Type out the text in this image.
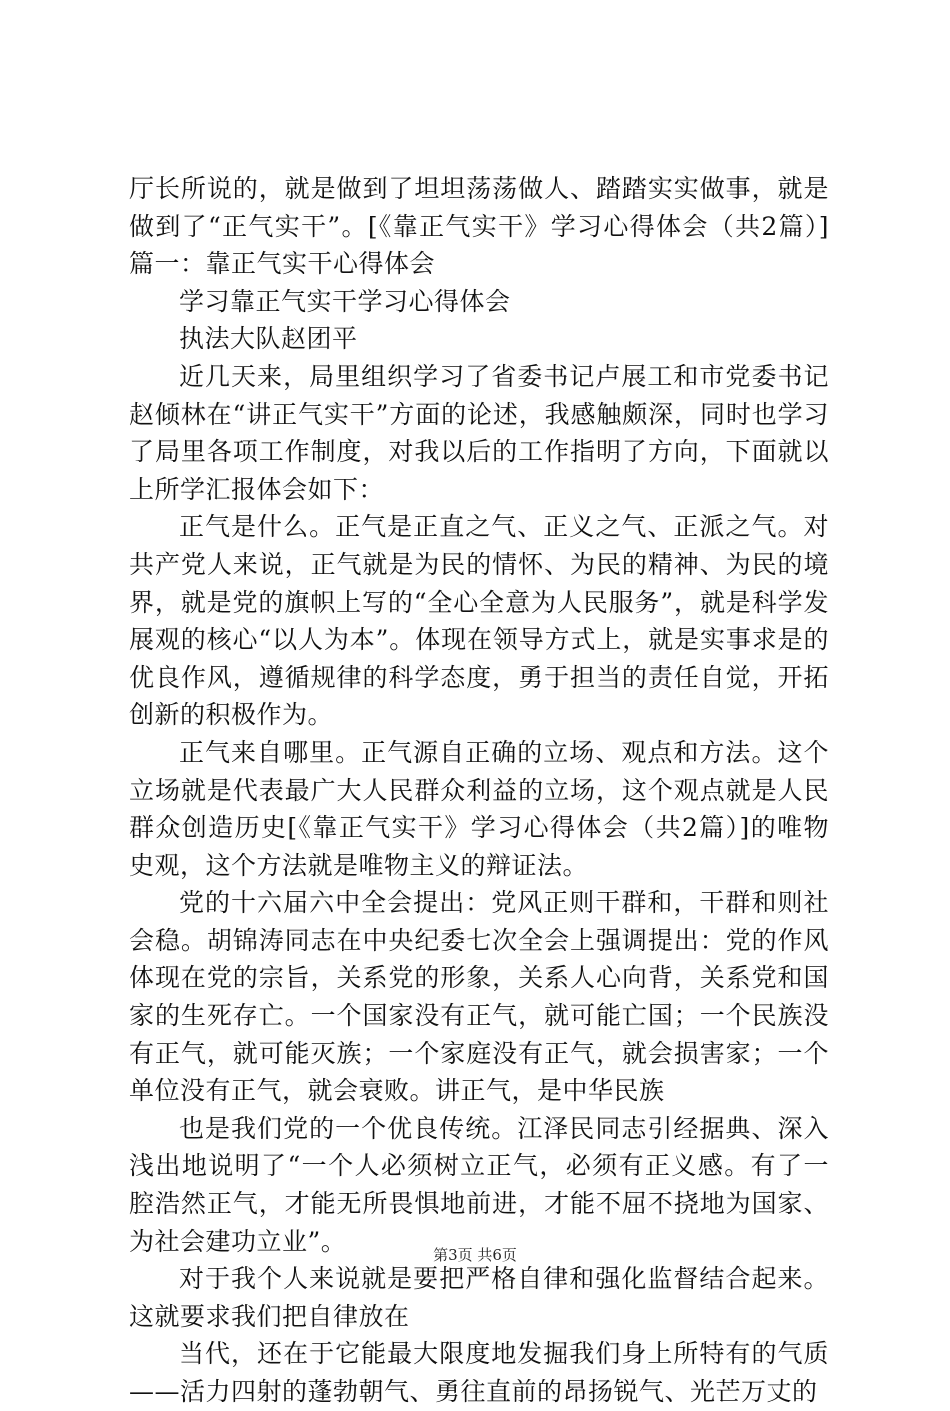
厅长所说的，就是做到了坦坦荡荡做人、踏踏实实做事，就是做到了“正气实干”。[《靠正气实干》学习心得体会（共2篇）]篇一：靠正气实干心得体会

学习靠正气实干学习心得体会

执法大队赵团平

近几天来，局里组织学习了省委书记卢展工和市党委书记赵倾林在“讲正气实干”方面的论述，我感触颇深，同时也学习了局里各项工作制度，对我以后的工作指明了方向，下面就以上所学汇报体会如下：

正气是什么。正气是正直之气、正义之气、正派之气。对共产党人来说，正气就是为民的情怀、为民的精神、为民的境界，就是党的旗帜上写的“全心全意为人民服务”，就是科学发展观的核心“以人为本”。体现在领导方式上，就是实事求是的优良作风，遵循规律的科学态度，勇于担当的责任自觉，开拓创新的积极作为。

正气来自哪里。正气源自正确的立场、观点和方法。这个立场就是代表最广大人民群众利益的立场，这个观点就是人民群众创造历史[《靠正气实干》学习心得体会（共2篇）]的唯物史观，这个方法就是唯物主义的辩证法。

党的十六届六中全会提出：党风正则干群和，干群和则社会稳。胡锦涛同志在中央纪委七次全会上强调提出：党的作风体现在党的宗旨，关系党的形象，关系人心向背，关系党和国家的生死存亡。一个国家没有正气，就可能亡国；一个民族没有正气，就可能灭族；一个家庭没有正气，就会损害家；一个单位没有正气，就会衰败。讲正气，是中华民族

也是我们党的一个优良传统。江泽民同志引经据典、深入浅出地说明了“一个人必须树立正气，必须有正义感。有了一腔浩然正气，才能无所畏惧地前进，才能不屈不挠地为国家、为社会建功立业”。

对于我个人来说就是要把严格自律和强化监督结合起来。这就要求我们把自律放在

当代，还在于它能最大限度地发掘我们身上所特有的气质——活力四射的蓬勃朝气、勇往直前的昂扬锐气、光芒万丈的

第3页 共6页
